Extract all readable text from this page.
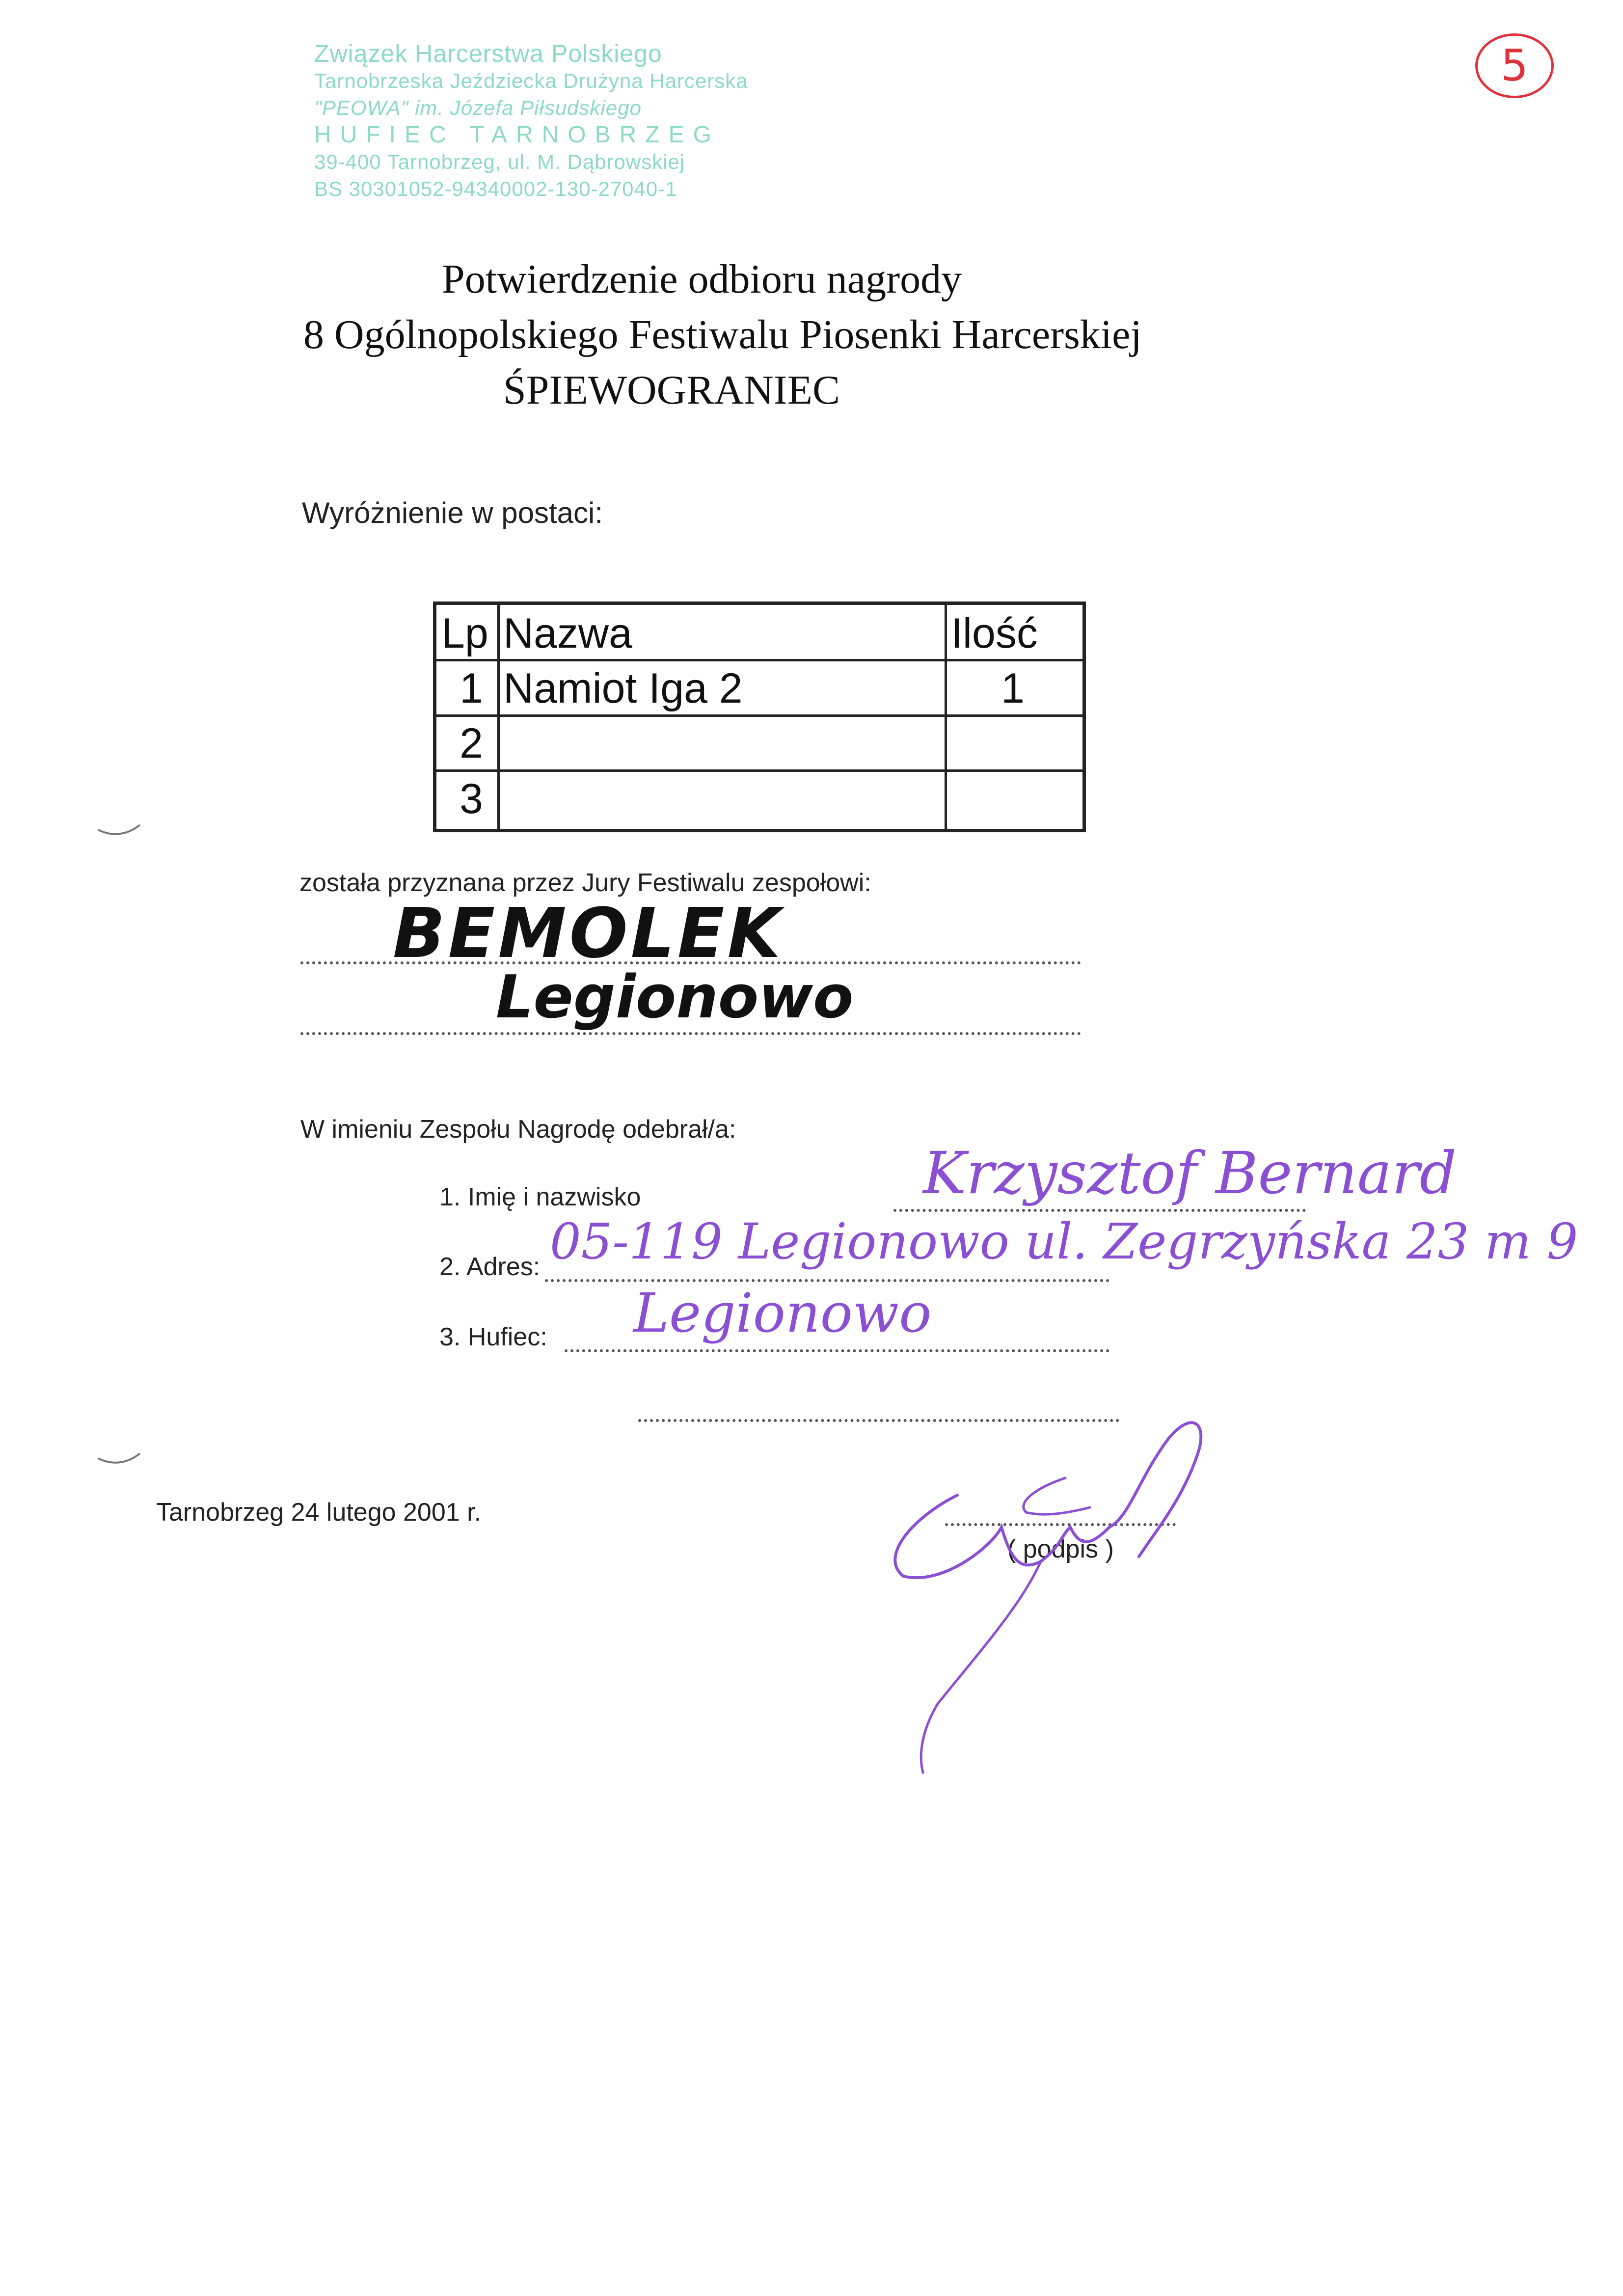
Związek Harcerstwa Polskiego
Tarnobrzeska Jeździecka Drużyna Harcerska
"PEOWA" im. Józefa Piłsudskiego
HUFIEC TARNOBRZEG
39-400 Tarnobrzeg, ul. M. Dąbrowskiej
BS 30301052-94340002-130-27040-1
5
Potwierdzenie odbioru nagrody
8 Ogólnopolskiego Festiwalu Piosenki Harcerskiej
ŚPIEWOGRANIEC
Wyróżnienie w postaci:
Lp Nazwa	Ilość
1 Namiot Iga 2	1
2
3
została przyznana przez Jury Festiwalu zespołowi:
BEMOLEK
Legionowo
W imieniu Zespołu Nagrodę odebrał/a:
1. Imię i nazwisko	Krzysztof Bernard
2. Adres: 05-119 Legionowo ul. Zegrzyńska 23 m 9
3. Hufiec: Legionowo
Tarnobrzeg 24 lutego 2001 r.
( podpis )
